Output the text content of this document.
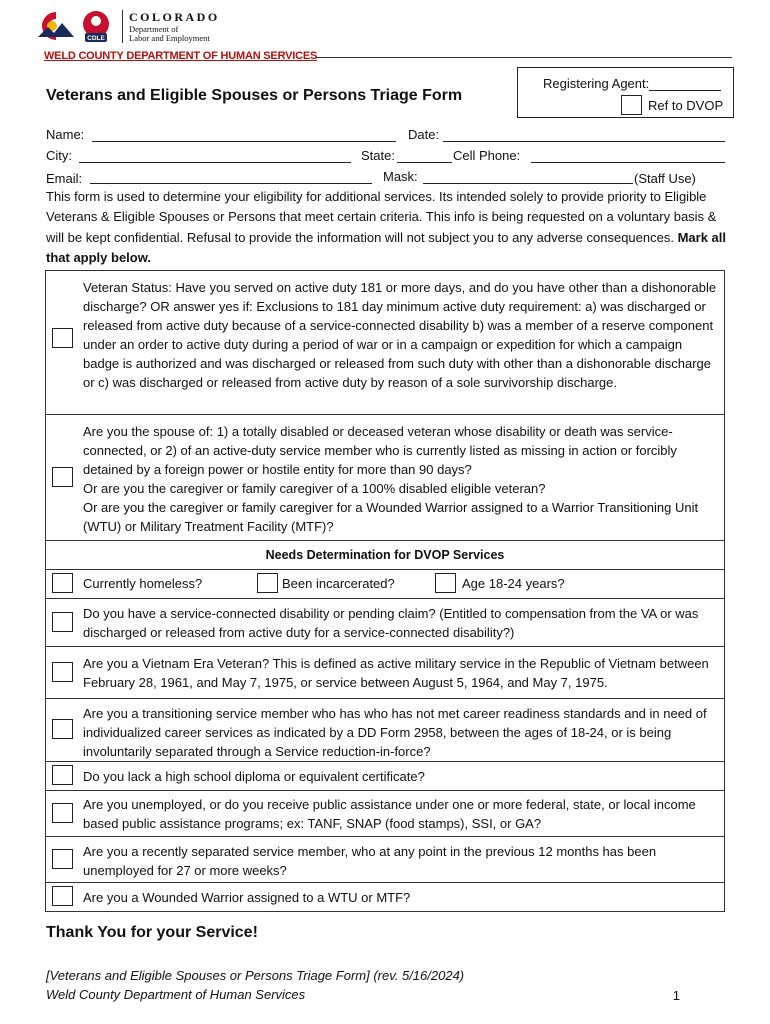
CDLE
COLORADO
Department of
Labor and Employment
WELD COUNTY DEPARTMENT OF HUMAN SERVICES
Registering Agent:
Ref to DVOP
Veterans and Eligible Spouses or Persons Triage Form
Name:	Date:
City:	State:	Cell Phone:
Email:	Mask:	(Staff Use)
This form is used to determine your eligibility for additional services. Its intended solely to provide priority to Eligible Veterans & Eligible Spouses or Persons that meet certain criteria. This info is being requested on a voluntary basis & will be kept confidential. Refusal to provide the information will not subject you to any adverse consequences. Mark all that apply below.
Veteran Status: Have you served on active duty 181 or more days, and do you have other than a dishonorable discharge? OR answer yes if: Exclusions to 181 day minimum active duty requirement: a) was discharged or released from active duty because of a service-connected disability b) was a member of a reserve component under an order to active duty during a period of war or in a campaign or expedition for which a campaign badge is authorized and was discharged or released from such duty with other than a dishonorable discharge or c) was discharged or released from active duty by reason of a sole survivorship discharge.
Are you the spouse of: 1) a totally disabled or deceased veteran whose disability or death was service-connected, or 2) of an active-duty service member who is currently listed as missing in action or forcibly detained by a foreign power or hostile entity for more than 90 days?
Or are you the caregiver or family caregiver of a 100% disabled eligible veteran?
Or are you the caregiver or family caregiver for a Wounded Warrior assigned to a Warrior Transitioning Unit (WTU) or Military Treatment Facility (MTF)?
Needs Determination for DVOP Services
Currently homeless?	Been incarcerated?	Age 18-24 years?
Do you have a service-connected disability or pending claim? (Entitled to compensation from the VA or was discharged or released from active duty for a service-connected disability?)
Are you a Vietnam Era Veteran? This is defined as active military service in the Republic of Vietnam between February 28, 1961, and May 7, 1975, or service between August 5, 1964, and May 7, 1975.
Are you a transitioning service member who has who has not met career readiness standards and in need of individualized career services as indicated by a DD Form 2958, between the ages of 18-24, or is being involuntarily separated through a Service reduction-in-force?
Do you lack a high school diploma or equivalent certificate?
Are you unemployed, or do you receive public assistance under one or more federal, state, or local income based public assistance programs; ex: TANF, SNAP (food stamps), SSI, or GA?
Are you a recently separated service member, who at any point in the previous 12 months has been unemployed for 27 or more weeks?
Are you a Wounded Warrior assigned to a WTU or MTF?
Thank You for your Service!
[Veterans and Eligible Spouses or Persons Triage Form] (rev. 5/16/2024)
Weld County Department of Human Services	1
